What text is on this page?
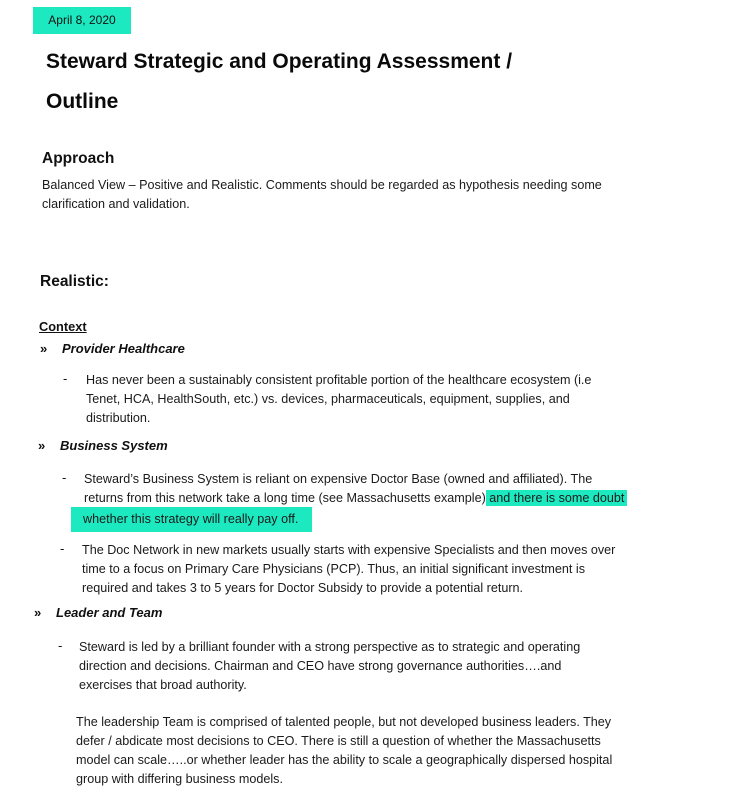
April 8, 2020
Steward Strategic and Operating Assessment /
Outline
Approach
Balanced View – Positive and Realistic. Comments should be regarded as hypothesis needing some
clarification and validation.
Realistic:
Context
» Provider Healthcare
- Has never been a sustainably consistent profitable portion of the healthcare ecosystem (i.e
Tenet, HCA, HealthSouth, etc.) vs. devices, pharmaceuticals, equipment, supplies, and
distribution.
» Business System
- Steward’s Business System is reliant on expensive Doctor Base (owned and affiliated). The
returns from this network take a long time (see Massachusetts example) and there is some doubt
whether this strategy will really pay off.
- The Doc Network in new markets usually starts with expensive Specialists and then moves over
time to a focus on Primary Care Physicians (PCP). Thus, an initial significant investment is
required and takes 3 to 5 years for Doctor Subsidy to provide a potential return.
» Leader and Team
- Steward is led by a brilliant founder with a strong perspective as to strategic and operating
direction and decisions. Chairman and CEO have strong governance authorities….and
exercises that broad authority.
The leadership Team is comprised of talented people, but not developed business leaders. They
defer / abdicate most decisions to CEO. There is still a question of whether the Massachusetts
model can scale…..or whether leader has the ability to scale a geographically dispersed hospital
group with differing business models.
